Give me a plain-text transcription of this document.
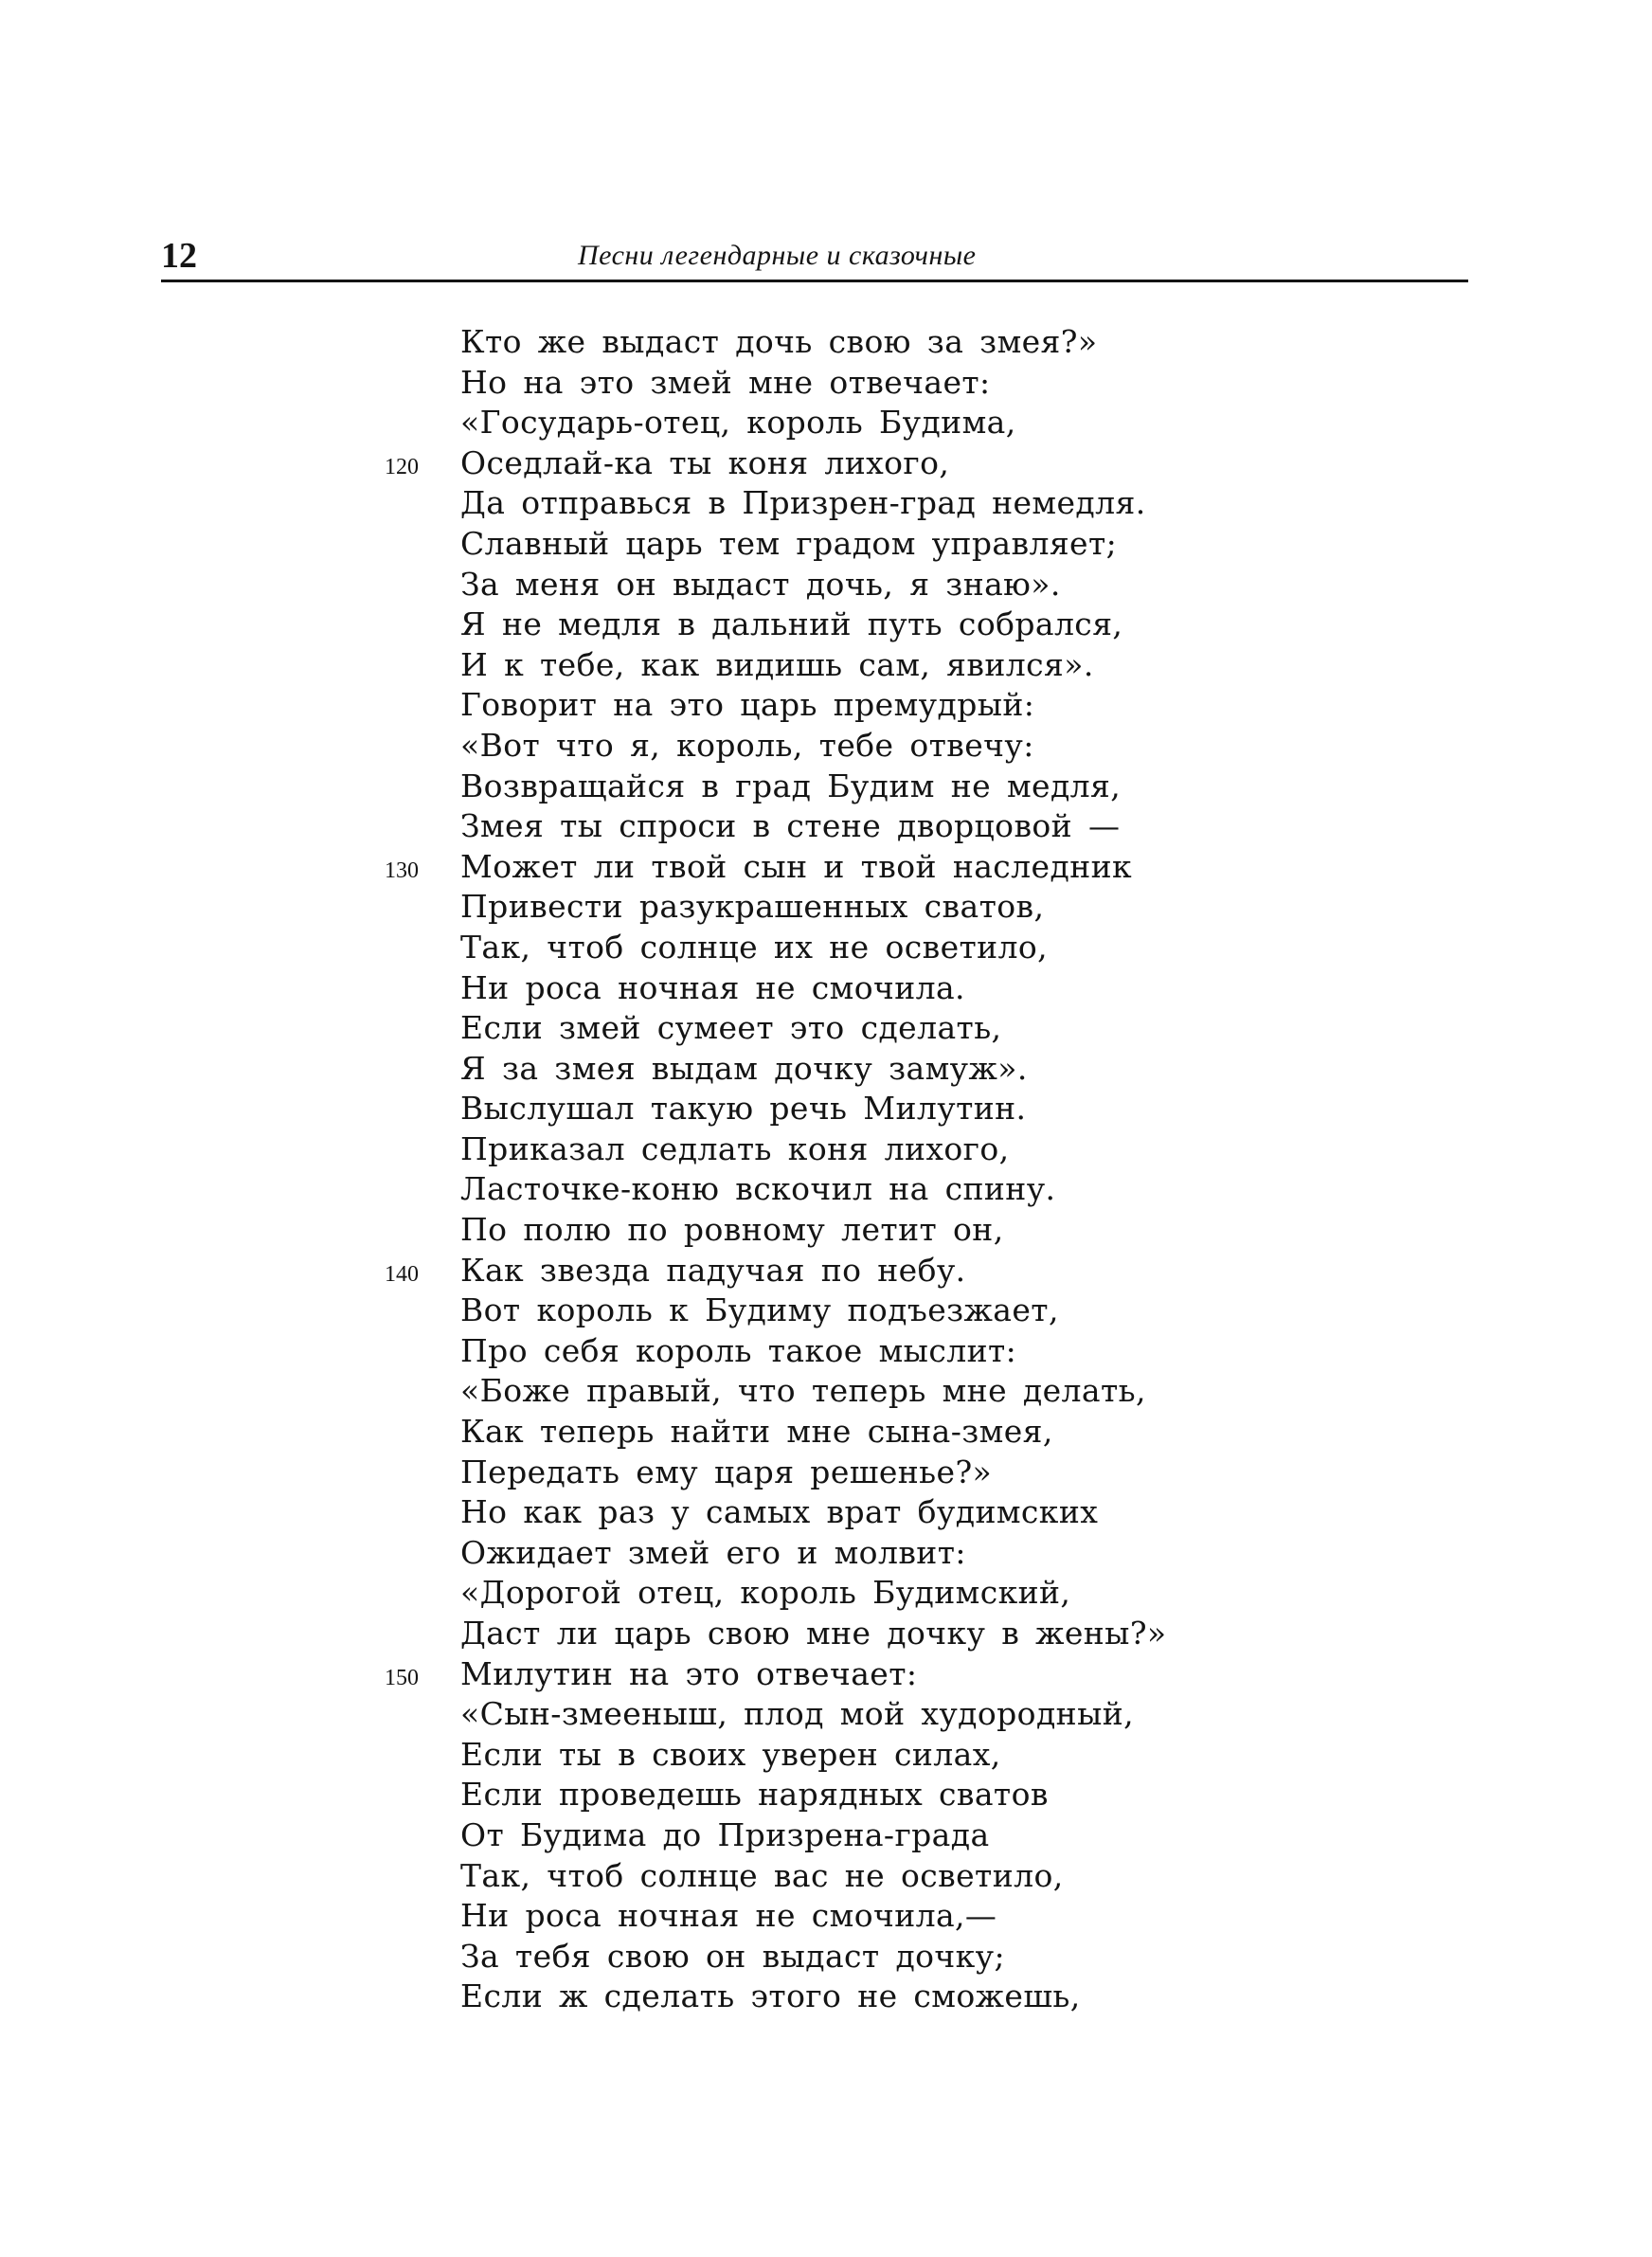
12	Песни легендарные и сказочные
Кто же выдаст дочь свою за змея?»
Но на это змей мне отвечает:
«Государь-отец, король Будима,
120	Оседлай-ка ты коня лихого,
Да отправься в Призрен-град немедля.
Славный царь тем градом управляет;
За меня он выдаст дочь, я знаю».
Я не медля в дальний путь собрался,
И к тебе, как видишь сам, явился».
Говорит на это царь премудрый:
«Вот что я, король, тебе отвечу:
Возвращайся в град Будим не медля,
Змея ты спроси в стене дворцовой —
130	Может ли твой сын и твой наследник
Привести разукрашенных сватов,
Так, чтоб солнце их не осветило,
Ни роса ночная не смочила.
Если змей сумеет это сделать,
Я за змея выдам дочку замуж».
Выслушал такую речь Милутин.
Приказал седлать коня лихого,
Ласточке-коню вскочил на спину.
По полю по ровному летит он,
140	Как звезда падучая по небу.
Вот король к Будиму подъезжает,
Про себя король такое мыслит:
«Боже правый, что теперь мне делать,
Как теперь найти мне сына-змея,
Передать ему царя решенье?»
Но как раз у самых врат будимских
Ожидает змей его и молвит:
«Дорогой отец, король Будимский,
Даст ли царь свою мне дочку в жены?»
150	Милутин на это отвечает:
«Сын-змееныш, плод мой худородный,
Если ты в своих уверен силах,
Если проведешь нарядных сватов
От Будима до Призрена-града
Так, чтоб солнце вас не осветило,
Ни роса ночная не смочила,—
За тебя свою он выдаст дочку;
Если ж сделать этого не сможешь,
